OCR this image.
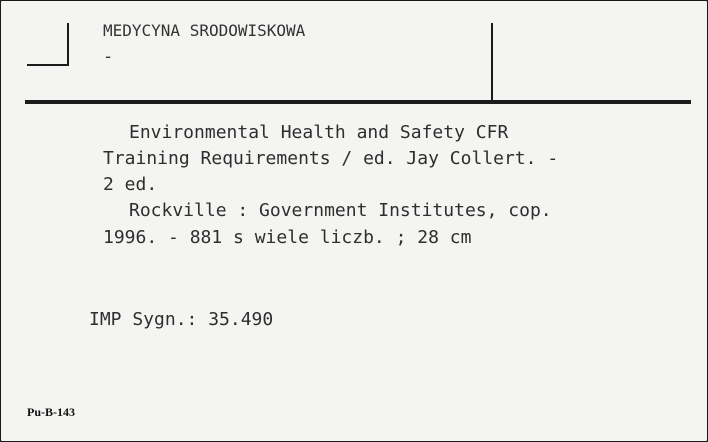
MEDYCYNA SRODOWISKOWA
-
Environmental Health and Safety CFR
Training Requirements / ed. Jay Collert. -
2 ed.
Rockville : Government Institutes, cop.
1996. - 881 s wiele liczb. ; 28 cm
IMP Sygn.: 35.490
Pu-B-143
